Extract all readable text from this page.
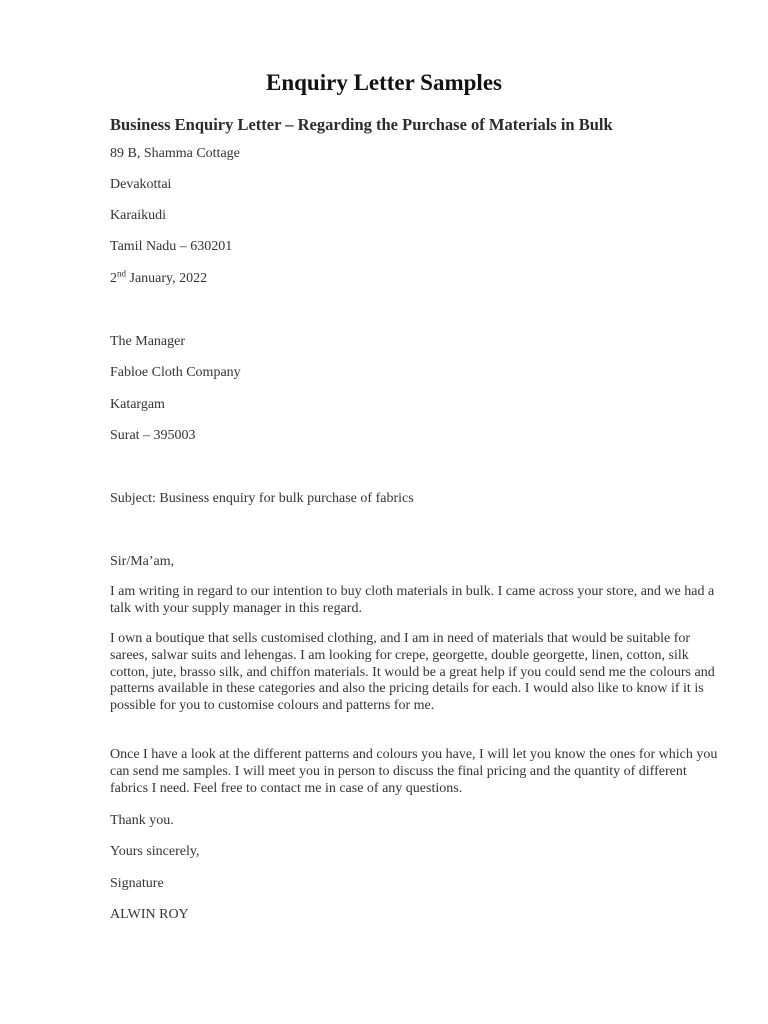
Enquiry Letter Samples
Business Enquiry Letter – Regarding the Purchase of Materials in Bulk

89 B, Shamma Cottage

Devakottai

Karaikudi

Tamil Nadu – 630201

2nd January, 2022

The Manager

Fabloe Cloth Company

Katargam

Surat – 395003

Subject: Business enquiry for bulk purchase of fabrics

Sir/Ma’am,

I am writing in regard to our intention to buy cloth materials in bulk. I came across your store, and we had a talk with your supply manager in this regard.

I own a boutique that sells customised clothing, and I am in need of materials that would be suitable for sarees, salwar suits and lehengas. I am looking for crepe, georgette, double georgette, linen, cotton, silk cotton, jute, brasso silk, and chiffon materials. It would be a great help if you could send me the colours and patterns available in these categories and also the pricing details for each. I would also like to know if it is possible for you to customise colours and patterns for me.

Once I have a look at the different patterns and colours you have, I will let you know the ones for which you can send me samples. I will meet you in person to discuss the final pricing and the quantity of different fabrics I need. Feel free to contact me in case of any questions.

Thank you.

Yours sincerely,

Signature

ALWIN ROY
